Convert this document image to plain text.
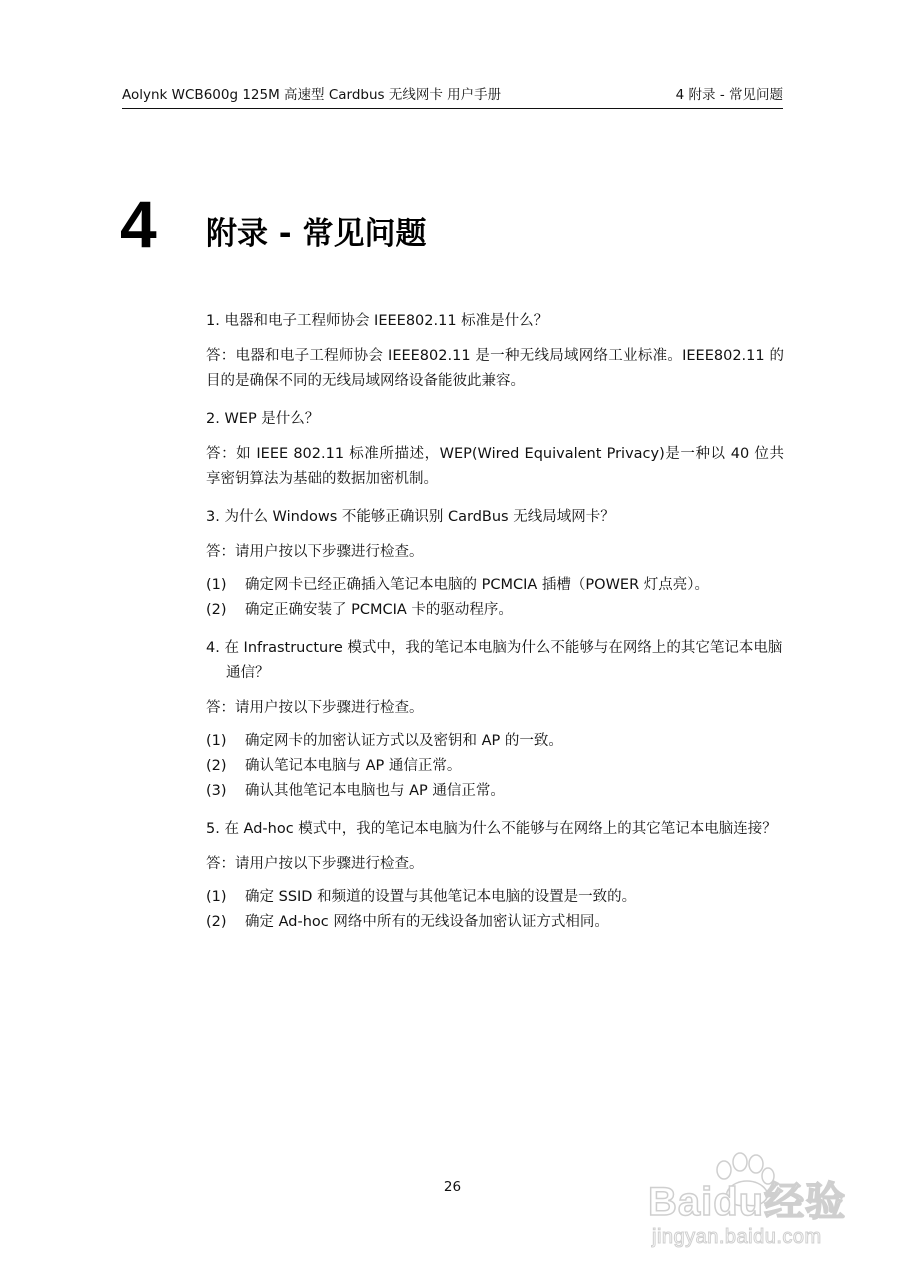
Aolynk WCB600g 125M 高速型 Cardbus 无线网卡 用户手册	4 附录 - 常见问题
4 附录 - 常见问题

1. 电器和电子工程师协会 IEEE802.11 标准是什么？

答：电器和电子工程师协会 IEEE802.11 是一种无线局域网络工业标准。IEEE802.11 的目的是确保不同的无线局域网络设备能彼此兼容。

2. WEP 是什么？

答：如 IEEE 802.11 标准所描述，WEP(Wired Equivalent Privacy)是一种以 40 位共享密钥算法为基础的数据加密机制。

3. 为什么 Windows 不能够正确识别 CardBus 无线局域网卡？

答：请用户按以下步骤进行检查。

(1) 确定网卡已经正确插入笔记本电脑的 PCMCIA 插槽（POWER 灯点亮）。
(2) 确定正确安装了 PCMCIA 卡的驱动程序。

4. 在 Infrastructure 模式中，我的笔记本电脑为什么不能够与在网络上的其它笔记本电脑通信？

答：请用户按以下步骤进行检查。

(1) 确定网卡的加密认证方式以及密钥和 AP 的一致。
(2) 确认笔记本电脑与 AP 通信正常。
(3) 确认其他笔记本电脑也与 AP 通信正常。

5. 在 Ad-hoc 模式中，我的笔记本电脑为什么不能够与在网络上的其它笔记本电脑连接？

答：请用户按以下步骤进行检查。

(1) 确定 SSID 和频道的设置与其他笔记本电脑的设置是一致的。
(2) 确定 Ad-hoc 网络中所有的无线设备加密认证方式相同。
26	Baidu经验
jingyan.baidu.com
